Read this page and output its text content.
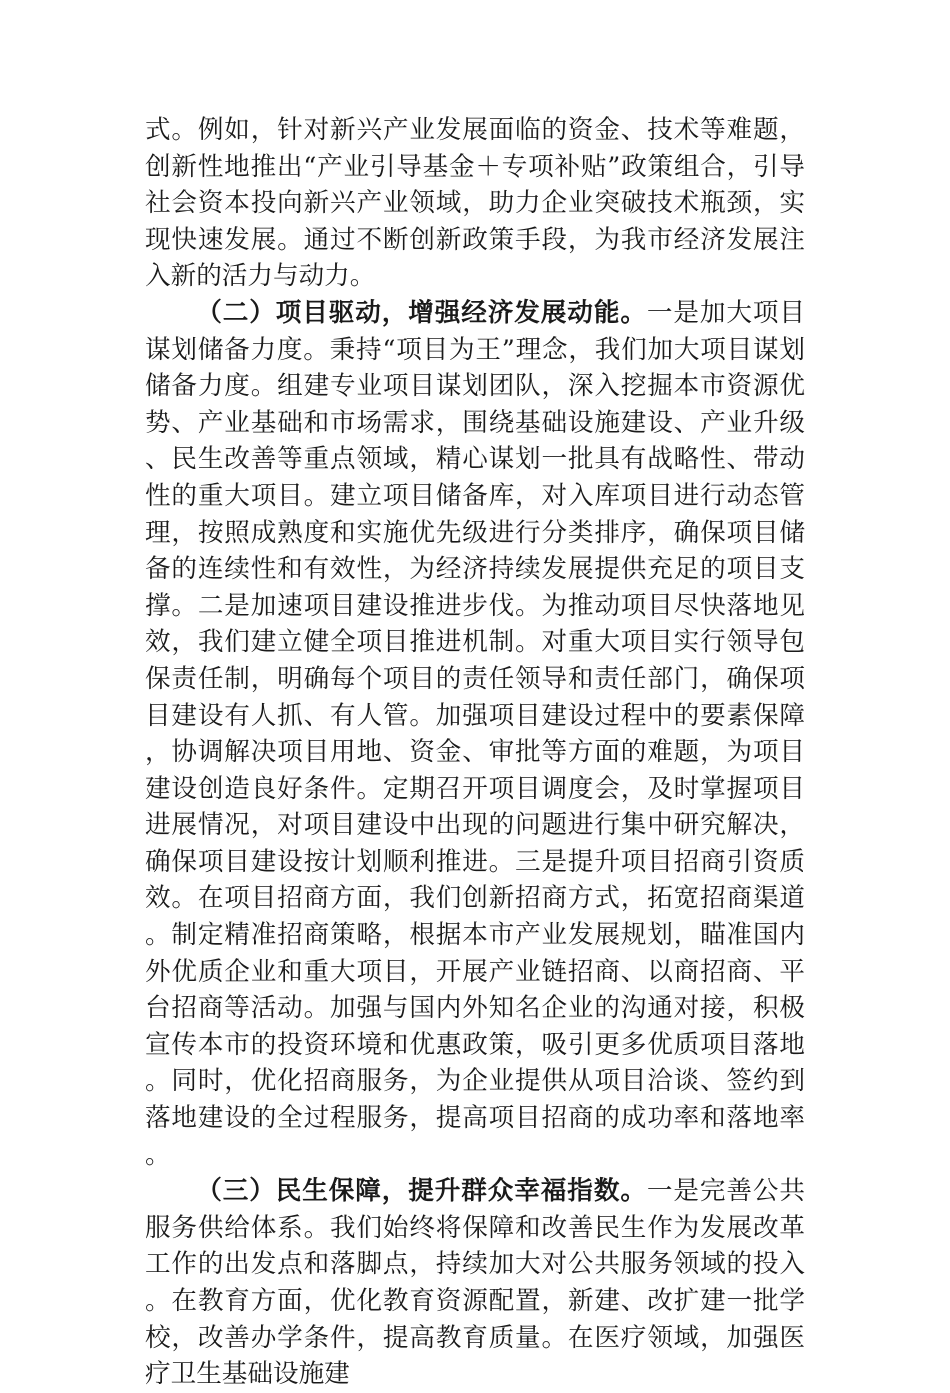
式。例如，针对新兴产业发展面临的资金、技术等难题，创新性地推出“产业引导基金＋专项补贴”政策组合，引导社会资本投向新兴产业领域，助力企业突破技术瓶颈，实现快速发展。通过不断创新政策手段，为我市经济发展注入新的活力与动力。

（二）项目驱动，增强经济发展动能。一是加大项目谋划储备力度。秉持“项目为王”理念，我们加大项目谋划储备力度。组建专业项目谋划团队，深入挖掘本市资源优势、产业基础和市场需求，围绕基础设施建设、产业升级、民生改善等重点领域，精心谋划一批具有战略性、带动性的重大项目。建立项目储备库，对入库项目进行动态管理，按照成熟度和实施优先级进行分类排序，确保项目储备的连续性和有效性，为经济持续发展提供充足的项目支撑。二是加速项目建设推进步伐。为推动项目尽快落地见效，我们建立健全项目推进机制。对重大项目实行领导包保责任制，明确每个项目的责任领导和责任部门，确保项目建设有人抓、有人管。加强项目建设过程中的要素保障，协调解决项目用地、资金、审批等方面的难题，为项目建设创造良好条件。定期召开项目调度会，及时掌握项目进展情况，对项目建设中出现的问题进行集中研究解决，确保项目建设按计划顺利推进。三是提升项目招商引资质效。在项目招商方面，我们创新招商方式，拓宽招商渠道。制定精准招商策略，根据本市产业发展规划，瞄准国内外优质企业和重大项目，开展产业链招商、以商招商、平台招商等活动。加强与国内外知名企业的沟通对接，积极宣传本市的投资环境和优惠政策，吸引更多优质项目落地。同时，优化招商服务，为企业提供从项目洽谈、签约到落地建设的全过程服务，提高项目招商的成功率和落地率。

（三）民生保障，提升群众幸福指数。一是完善公共服务供给体系。我们始终将保障和改善民生作为发展改革工作的出发点和落脚点，持续加大对公共服务领域的投入。在教育方面，优化教育资源配置，新建、改扩建一批学校，改善办学条件，提高教育质量。在医疗领域，加强医疗卫生基础设施建
